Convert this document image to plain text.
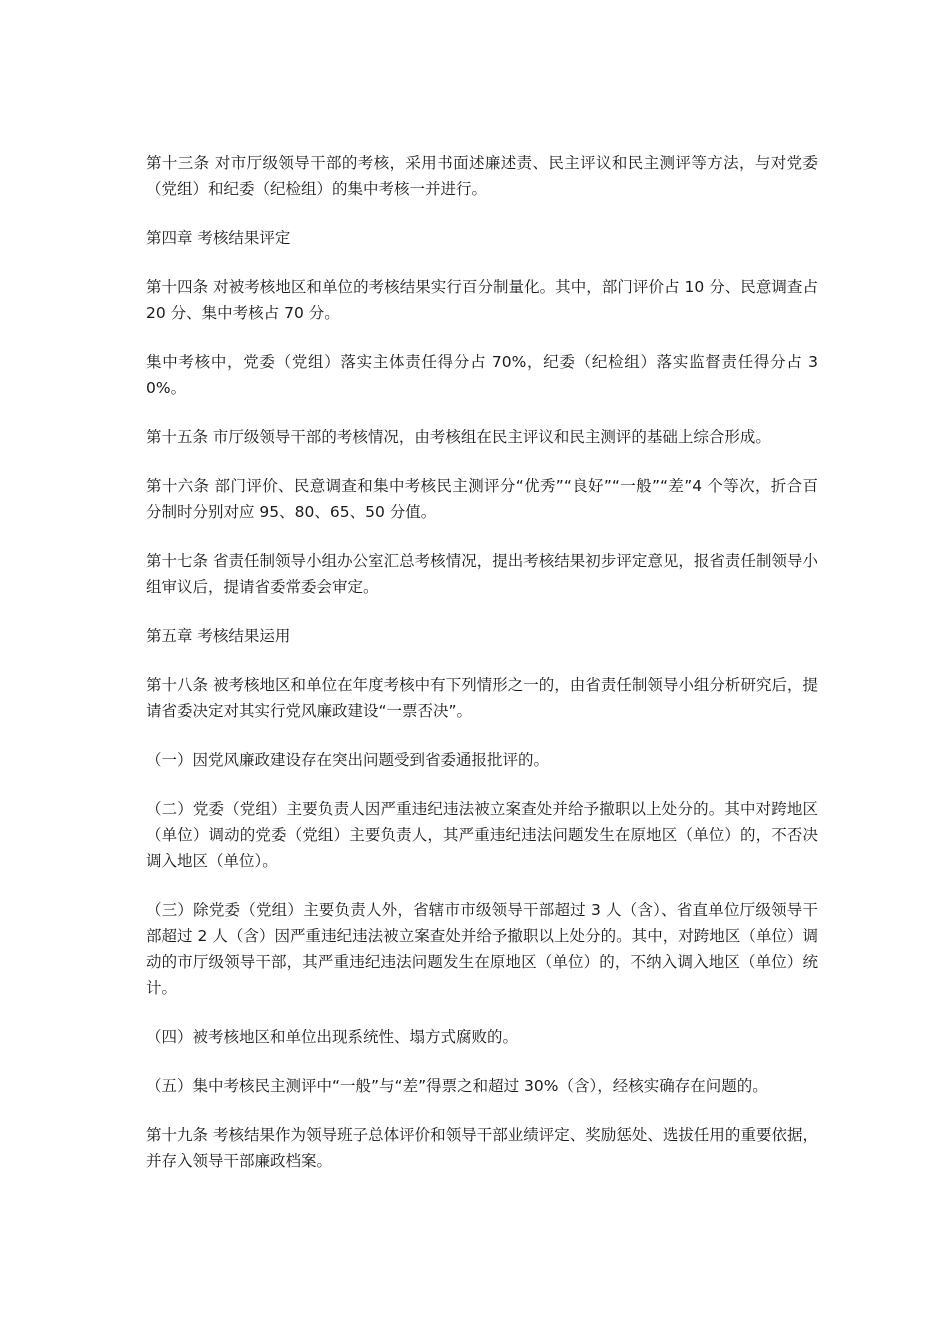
第十三条 对市厅级领导干部的考核，采用书面述廉述责、民主评议和民主测评等方法，与对党委（党组）和纪委（纪检组）的集中考核一并进行。

第四章 考核结果评定

第十四条 对被考核地区和单位的考核结果实行百分制量化。其中，部门评价占 10 分、民意调查占 20 分、集中考核占 70 分。

集中考核中，党委（党组）落实主体责任得分占 70%，纪委（纪检组）落实监督责任得分占 30%。

第十五条 市厅级领导干部的考核情况，由考核组在民主评议和民主测评的基础上综合形成。

第十六条 部门评价、民意调查和集中考核民主测评分“优秀”“良好”“一般”“差”4 个等次，折合百分制时分别对应 95、80、65、50 分值。

第十七条 省责任制领导小组办公室汇总考核情况，提出考核结果初步评定意见，报省责任制领导小组审议后，提请省委常委会审定。

第五章 考核结果运用

第十八条 被考核地区和单位在年度考核中有下列情形之一的，由省责任制领导小组分析研究后，提请省委决定对其实行党风廉政建设“一票否决”。

（一）因党风廉政建设存在突出问题受到省委通报批评的。

（二）党委（党组）主要负责人因严重违纪违法被立案查处并给予撤职以上处分的。其中对跨地区（单位）调动的党委（党组）主要负责人，其严重违纪违法问题发生在原地区（单位）的，不否决调入地区（单位）。

（三）除党委（党组）主要负责人外，省辖市市级领导干部超过 3 人（含）、省直单位厅级领导干部超过 2 人（含）因严重违纪违法被立案查处并给予撤职以上处分的。其中，对跨地区（单位）调动的市厅级领导干部，其严重违纪违法问题发生在原地区（单位）的，不纳入调入地区（单位）统计。

（四）被考核地区和单位出现系统性、塌方式腐败的。

（五）集中考核民主测评中“一般”与“差”得票之和超过 30%（含），经核实确存在问题的。

第十九条 考核结果作为领导班子总体评价和领导干部业绩评定、奖励惩处、选拔任用的重要依据，并存入领导干部廉政档案。
